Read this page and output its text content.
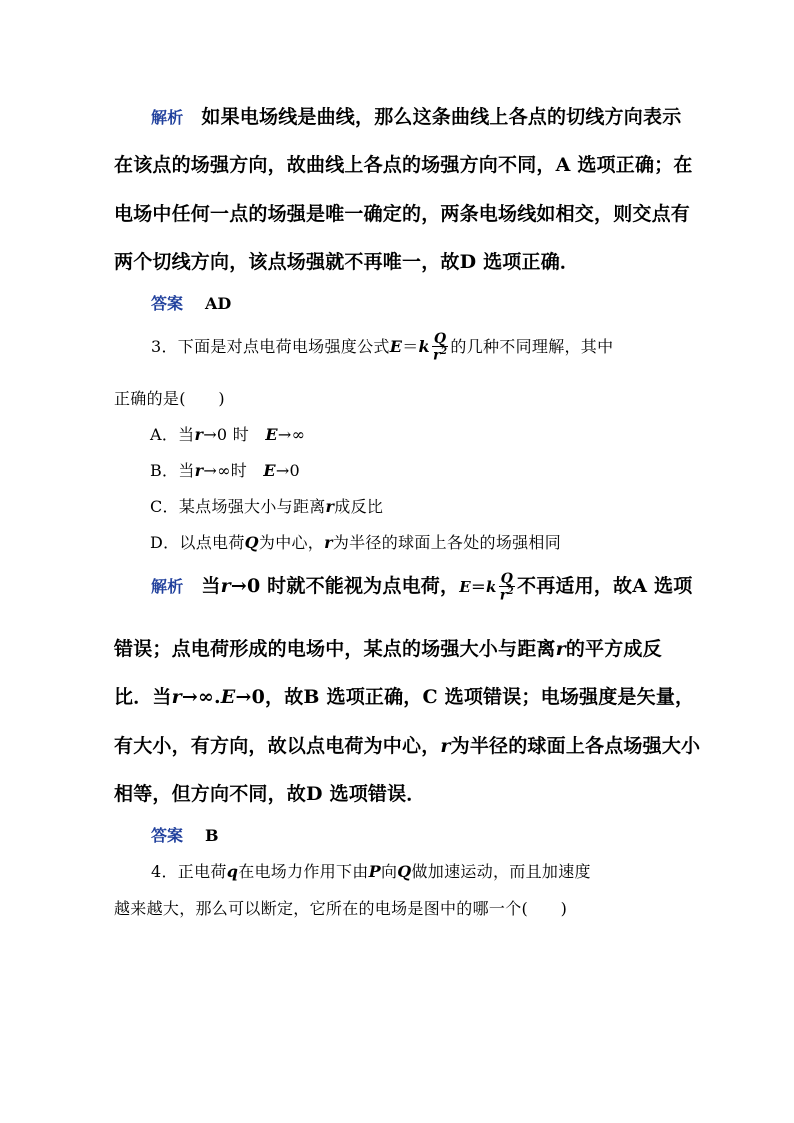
解析 如果电场线是曲线，那么这条曲线上各点的切线方向表示
在该点的场强方向，故曲线上各点的场强方向不同，A 选项正确；在
电场中任何一点的场强是唯一确定的，两条电场线如相交，则交点有
两个切线方向，该点场强就不再唯一，故D 选项正确．
答案 AD
3．下面是对点电荷电场强度公式$E=k \frac{Q}{r^2}$ 的几种不同理解，其中
正确的是(　　)
A．当r→0 时　E→∞
B．当r→∞时　E→0
C．某点场强大小与距离r成反比
D．以点电荷Q为中心，r为半径的球面上各处的场强相同
解析 当r→0 时就不能视为点电荷，$E=k \frac{Q}{r^2}$ 不再适用，故A 选项
错误；点电荷形成的电场中，某点的场强大小与距离r的平方成反
比．当r→∞.E→0，故B 选项正确，C 选项错误；电场强度是矢量，
有大小，有方向，故以点电荷为中心，r为半径的球面上各点场强大小
相等，但方向不同，故D 选项错误．
答案 B
4．正电荷q在电场力作用下由P向Q做加速运动，而且加速度
越来越大，那么可以断定，它所在的电场是图中的哪一个(　　)
